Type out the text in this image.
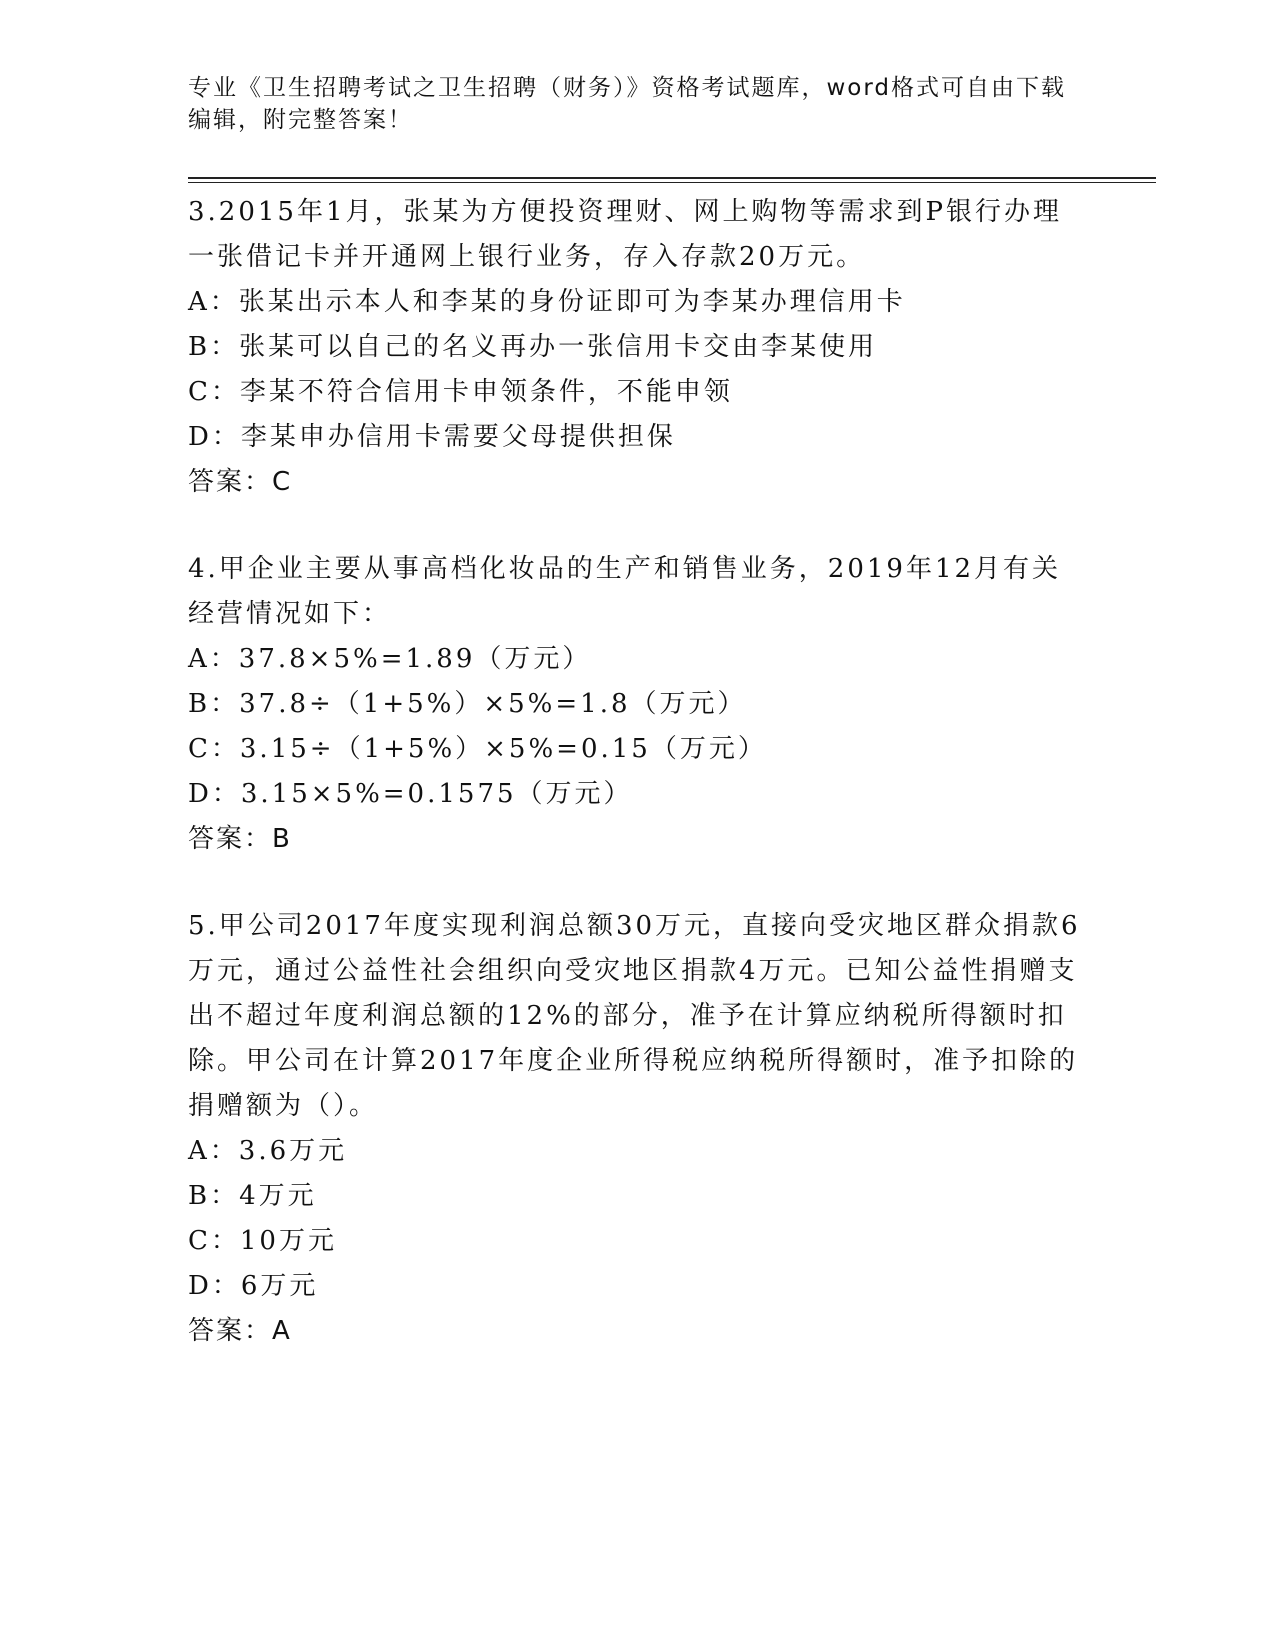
专业《卫生招聘考试之卫生招聘（财务）》资格考试题库，word格式可自由下载编辑，附完整答案！

3.2015年1月，张某为方便投资理财、网上购物等需求到P银行办理一张借记卡并开通网上银行业务，存入存款20万元。

A：张某出示本人和李某的身份证即可为李某办理信用卡
B：张某可以自己的名义再办一张信用卡交由李某使用
C：李某不符合信用卡申领条件，不能申领
D：李某申办信用卡需要父母提供担保
答案：C

4.甲企业主要从事高档化妆品的生产和销售业务，2019年12月有关经营情况如下：

A：37.8×5%=1.89（万元）
B：37.8÷（1+5%）×5%=1.8（万元）
C：3.15÷（1+5%）×5%=0.15（万元）
D：3.15×5%=0.1575（万元）
答案：B

5.甲公司2017年度实现利润总额30万元，直接向受灾地区群众捐款6万元，通过公益性社会组织向受灾地区捐款4万元。已知公益性捐赠支出不超过年度利润总额的12%的部分，准予在计算应纳税所得额时扣除。甲公司在计算2017年度企业所得税应纳税所得额时，准予扣除的捐赠额为（）。

A：3.6万元
B：4万元
C：10万元
D：6万元
答案：A
